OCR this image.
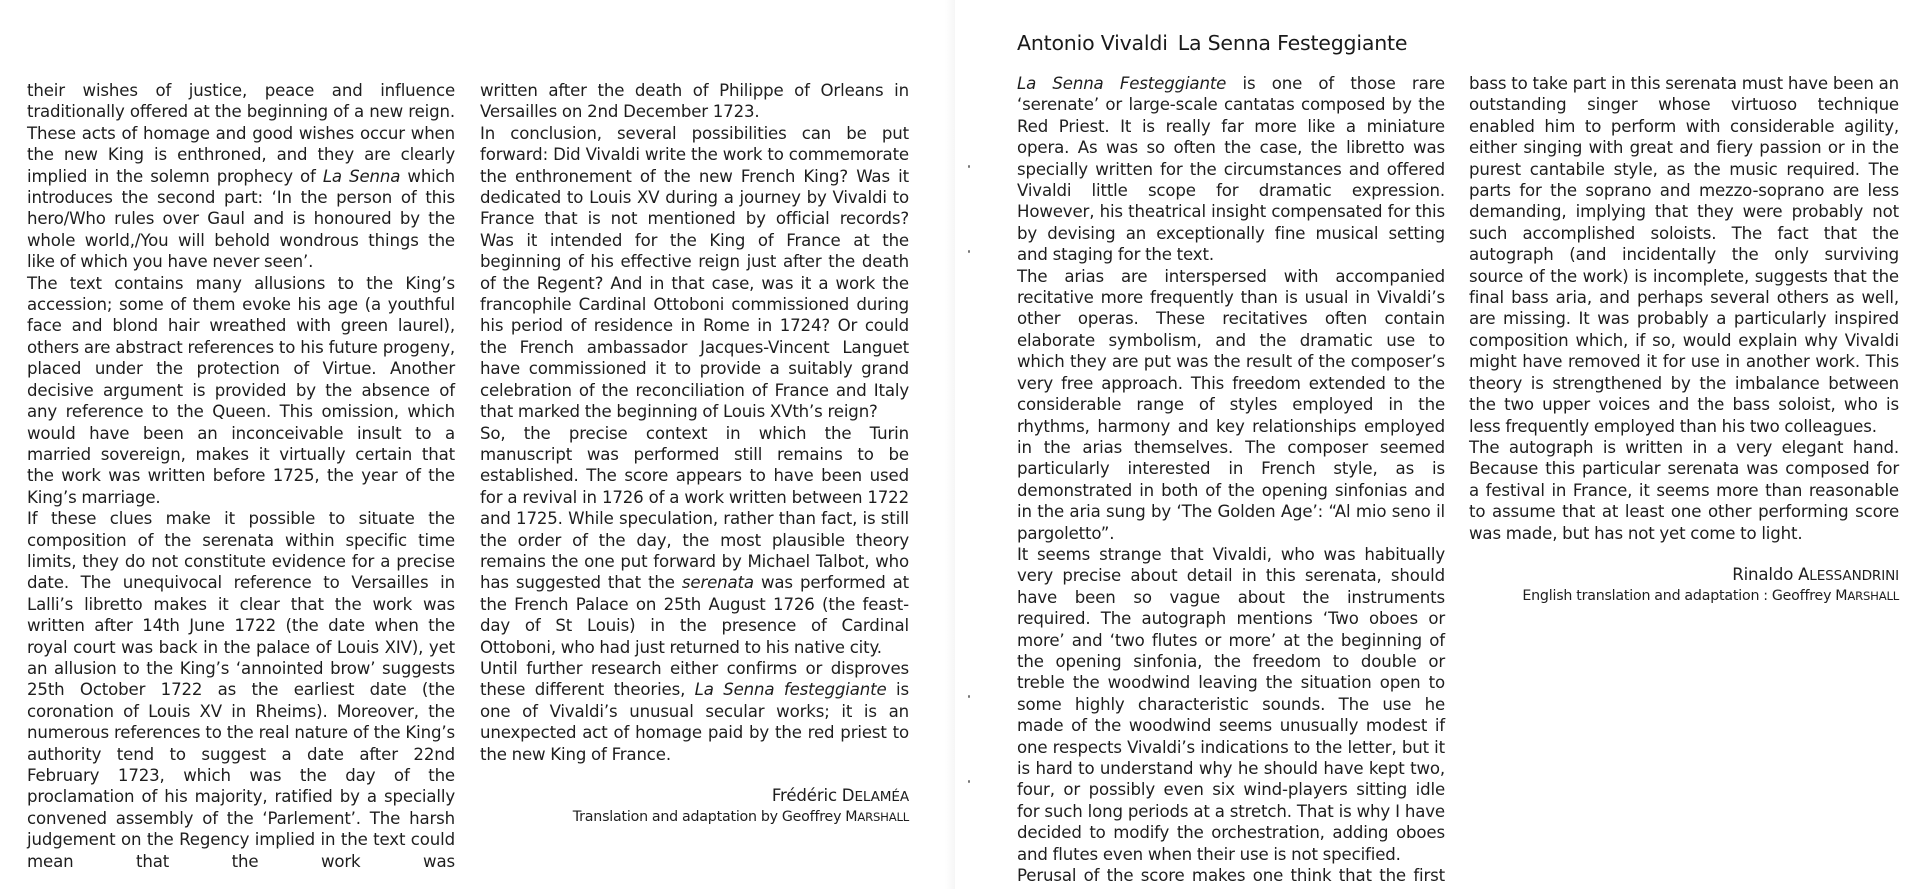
their wishes of justice, peace and influence traditionally offered at the beginning of a new reign. These acts of homage and good wishes occur when the new King is enthroned, and they are clearly implied in the solemn prophecy of La Senna which introduces the second part: ‘In the person of this hero/Who rules over Gaul and is honoured by the whole world,/You will behold wondrous things the like of which you have never seen’.

The text contains many allusions to the King’s accession; some of them evoke his age (a youthful face and blond hair wreathed with green laurel), others are abstract references to his future progeny, placed under the protection of Virtue. Another decisive argument is provided by the absence of any reference to the Queen. This omission, which would have been an inconceivable insult to a married sovereign, makes it virtually certain that the work was written before 1725, the year of the King’s marriage.

If these clues make it possible to situate the composition of the serenata within specific time limits, they do not constitute evidence for a precise date. The unequivocal reference to Versailles in Lalli’s libretto makes it clear that the work was written after 14th June 1722 (the date when the royal court was back in the palace of Louis XIV), yet an allusion to the King’s ‘annointed brow’ suggests 25th October 1722 as the earliest date (the coronation of Louis XV in Rheims). Moreover, the numerous references to the real nature of the King’s authority tend to suggest a date after 22nd February 1723, which was the day of the proclamation of his majority, ratified by a specially convened assembly of the ‘Parlement’. The harsh judgement on the Regency implied in the text could mean that the work was

written after the death of Philippe of Orleans in Versailles on 2nd December 1723.

In conclusion, several possibilities can be put forward: Did Vivaldi write the work to commemorate the enthronement of the new French King? Was it dedicated to Louis XV during a journey by Vivaldi to France that is not mentioned by official records? Was it intended for the King of France at the beginning of his effective reign just after the death of the Regent? And in that case, was it a work the francophile Cardinal Ottoboni commissioned during his period of residence in Rome in 1724? Or could the French ambassador Jacques-Vincent Languet have commissioned it to provide a suitably grand celebration of the reconciliation of France and Italy that marked the beginning of Louis XVth’s reign?

So, the precise context in which the Turin manuscript was performed still remains to be established. The score appears to have been used for a revival in 1726 of a work written between 1722 and 1725. While speculation, rather than fact, is still the order of the day, the most plausible theory remains the one put forward by Michael Talbot, who has suggested that the serenata was performed at the French Palace on 25th August 1726 (the feast-day of St Louis) in the presence of Cardinal Ottoboni, who had just returned to his native city.

Until further research either confirms or disproves these different theories, La Senna festeggiante is one of Vivaldi’s unusual secular works; it is an unexpected act of homage paid by the red priest to the new King of France.

Frédéric DELAMÉA
Translation and adaptation by Geoffrey MARSHALL
Antonio Vivaldi La Senna Festeggiante

La Senna Festeggiante is one of those rare ‘serenate’ or large-scale cantatas composed by the Red Priest. It is really far more like a miniature opera. As was so often the case, the libretto was specially written for the circumstances and offered Vivaldi little scope for dramatic expression. However, his theatrical insight compensated for this by devising an exceptionally fine musical setting and staging for the text.

The arias are interspersed with accompanied recitative more frequently than is usual in Vivaldi’s other operas. These recitatives often contain elaborate symbolism, and the dramatic use to which they are put was the result of the composer’s very free approach. This freedom extended to the considerable range of styles employed in the rhythms, harmony and key relationships employed in the arias themselves. The composer seemed particularly interested in French style, as is demonstrated in both of the opening sinfonias and in the aria sung by ‘The Golden Age’: “Al mio seno il pargoletto”.

It seems strange that Vivaldi, who was habitually very precise about detail in this serenata, should have been so vague about the instruments required. The autograph mentions ‘Two oboes or more’ and ‘two flutes or more’ at the beginning of the opening sinfonia, the freedom to double or treble the woodwind leaving the situation open to some highly characteristic sounds. The use he made of the woodwind seems unusually modest if one respects Vivaldi’s indications to the letter, but it is hard to understand why he should have kept two, four, or possibly even six wind-players sitting idle for such long periods at a stretch. That is why I have decided to modify the orchestration, adding oboes and flutes even when their use is not specified.

Perusal of the score makes one think that the first

bass to take part in this serenata must have been an outstanding singer whose virtuoso technique enabled him to perform with considerable agility, either singing with great and fiery passion or in the purest cantabile style, as the music required. The parts for the soprano and mezzo-soprano are less demanding, implying that they were probably not such accomplished soloists. The fact that the autograph (and incidentally the only surviving source of the work) is incomplete, suggests that the final bass aria, and perhaps several others as well, are missing. It was probably a particularly inspired composition which, if so, would explain why Vivaldi might have removed it for use in another work. This theory is strengthened by the imbalance between the two upper voices and the bass soloist, who is less frequently employed than his two colleagues.

The autograph is written in a very elegant hand. Because this particular serenata was composed for a festival in France, it seems more than reasonable to assume that at least one other performing score was made, but has not yet come to light.

Rinaldo ALESSANDRINI
English translation and adaptation : Geoffrey MARSHALL
